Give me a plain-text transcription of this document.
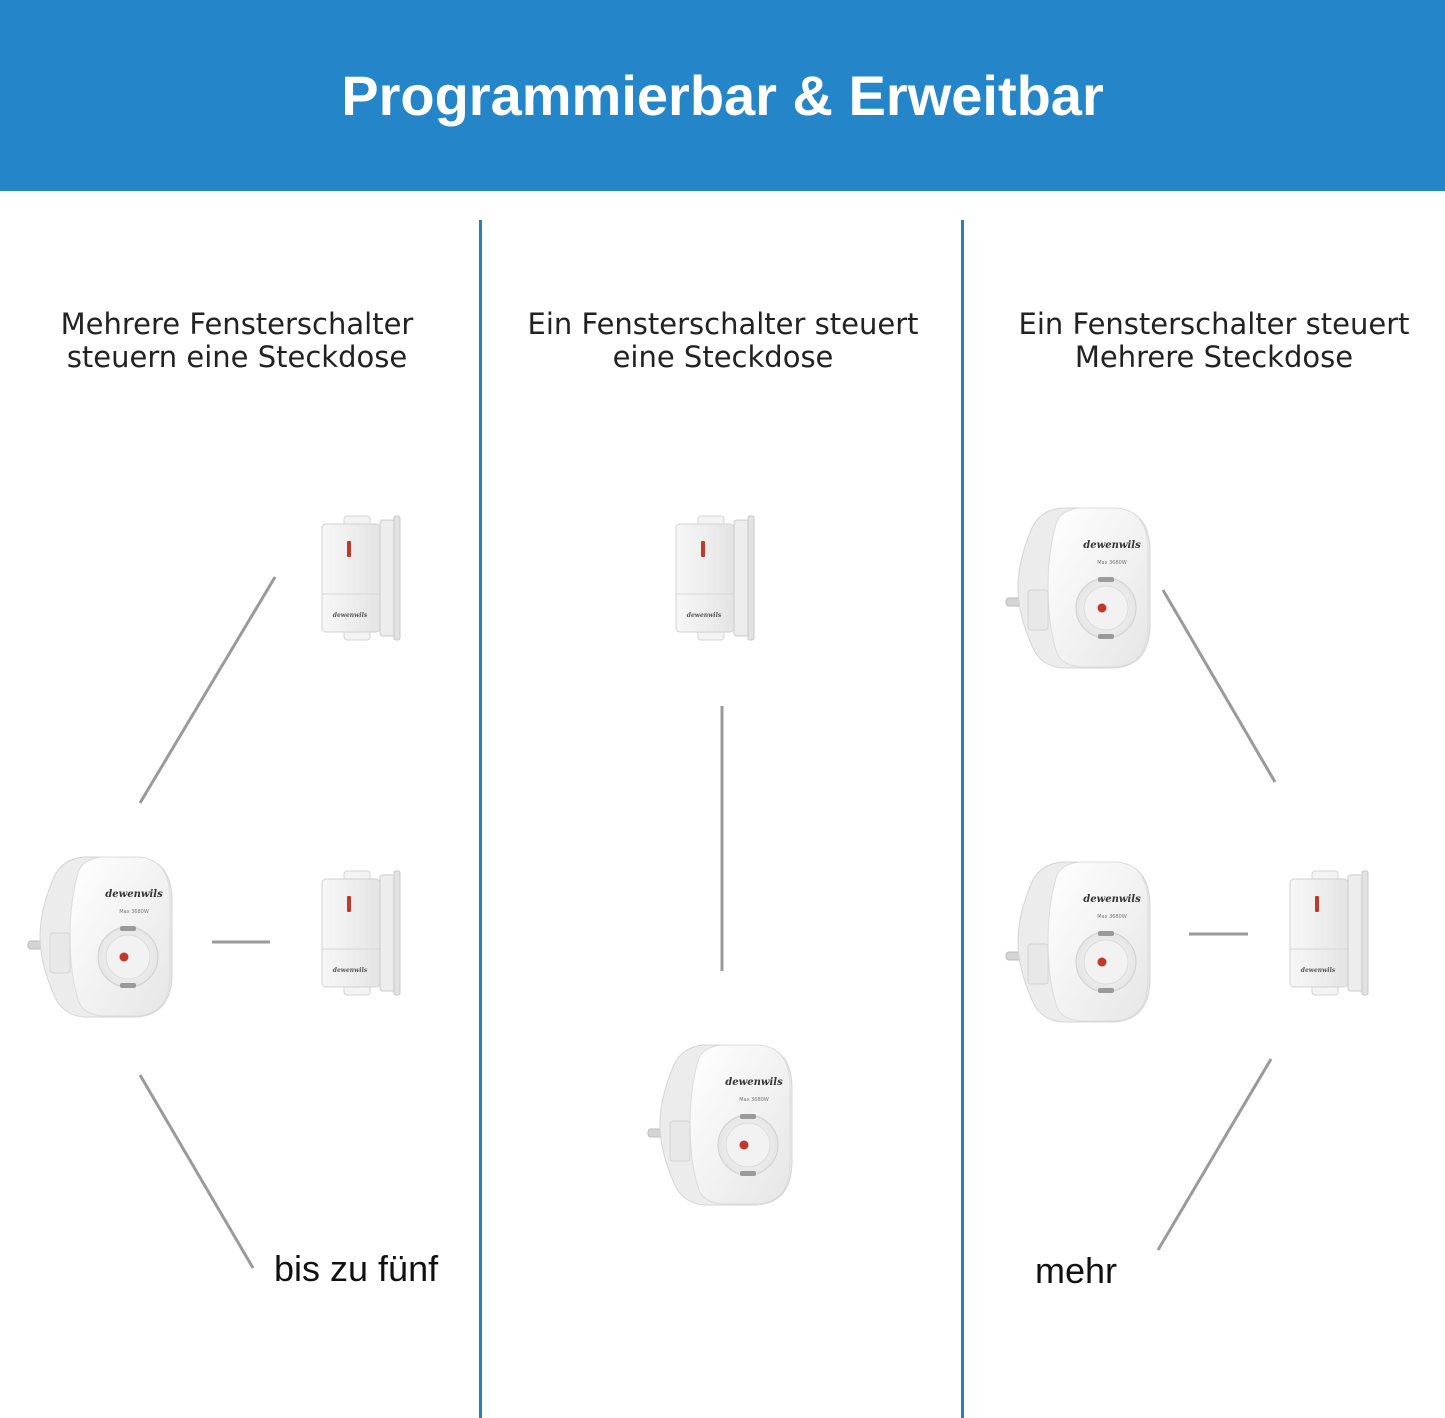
Programmierbar & Erweitbar
Mehrere Fensterschalter
steuern eine Steckdose
Ein Fensterschalter steuert
eine Steckdose
Ein Fensterschalter steuert
Mehrere Steckdose
dewenwils
dewenwils
dewenwils
dewenwils
dewenwils
Max 3680W
dewenwils
Max 3680W
dewenwils
Max 3680W
dewenwils
Max 3680W
bis zu fünf	mehr
